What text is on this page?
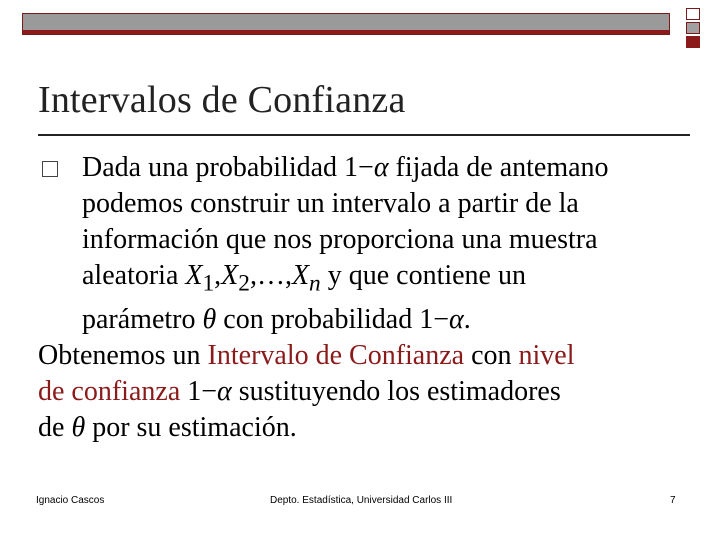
Intervalos de Confianza
Dada una probabilidad 1−α fijada de antemano
podemos construir un intervalo a partir de la
información que nos proporciona una muestra
aleatoria $X_1,X_2,\dots,X_n$ y que contiene un
parámetro θ con probabilidad 1−α.
Obtenemos un Intervalo de Confianza con nivel
de confianza 1−α sustituyendo los estimadores
de θ por su estimación.
Ignacio Cascos	Depto. Estadística, Universidad Carlos III	7
